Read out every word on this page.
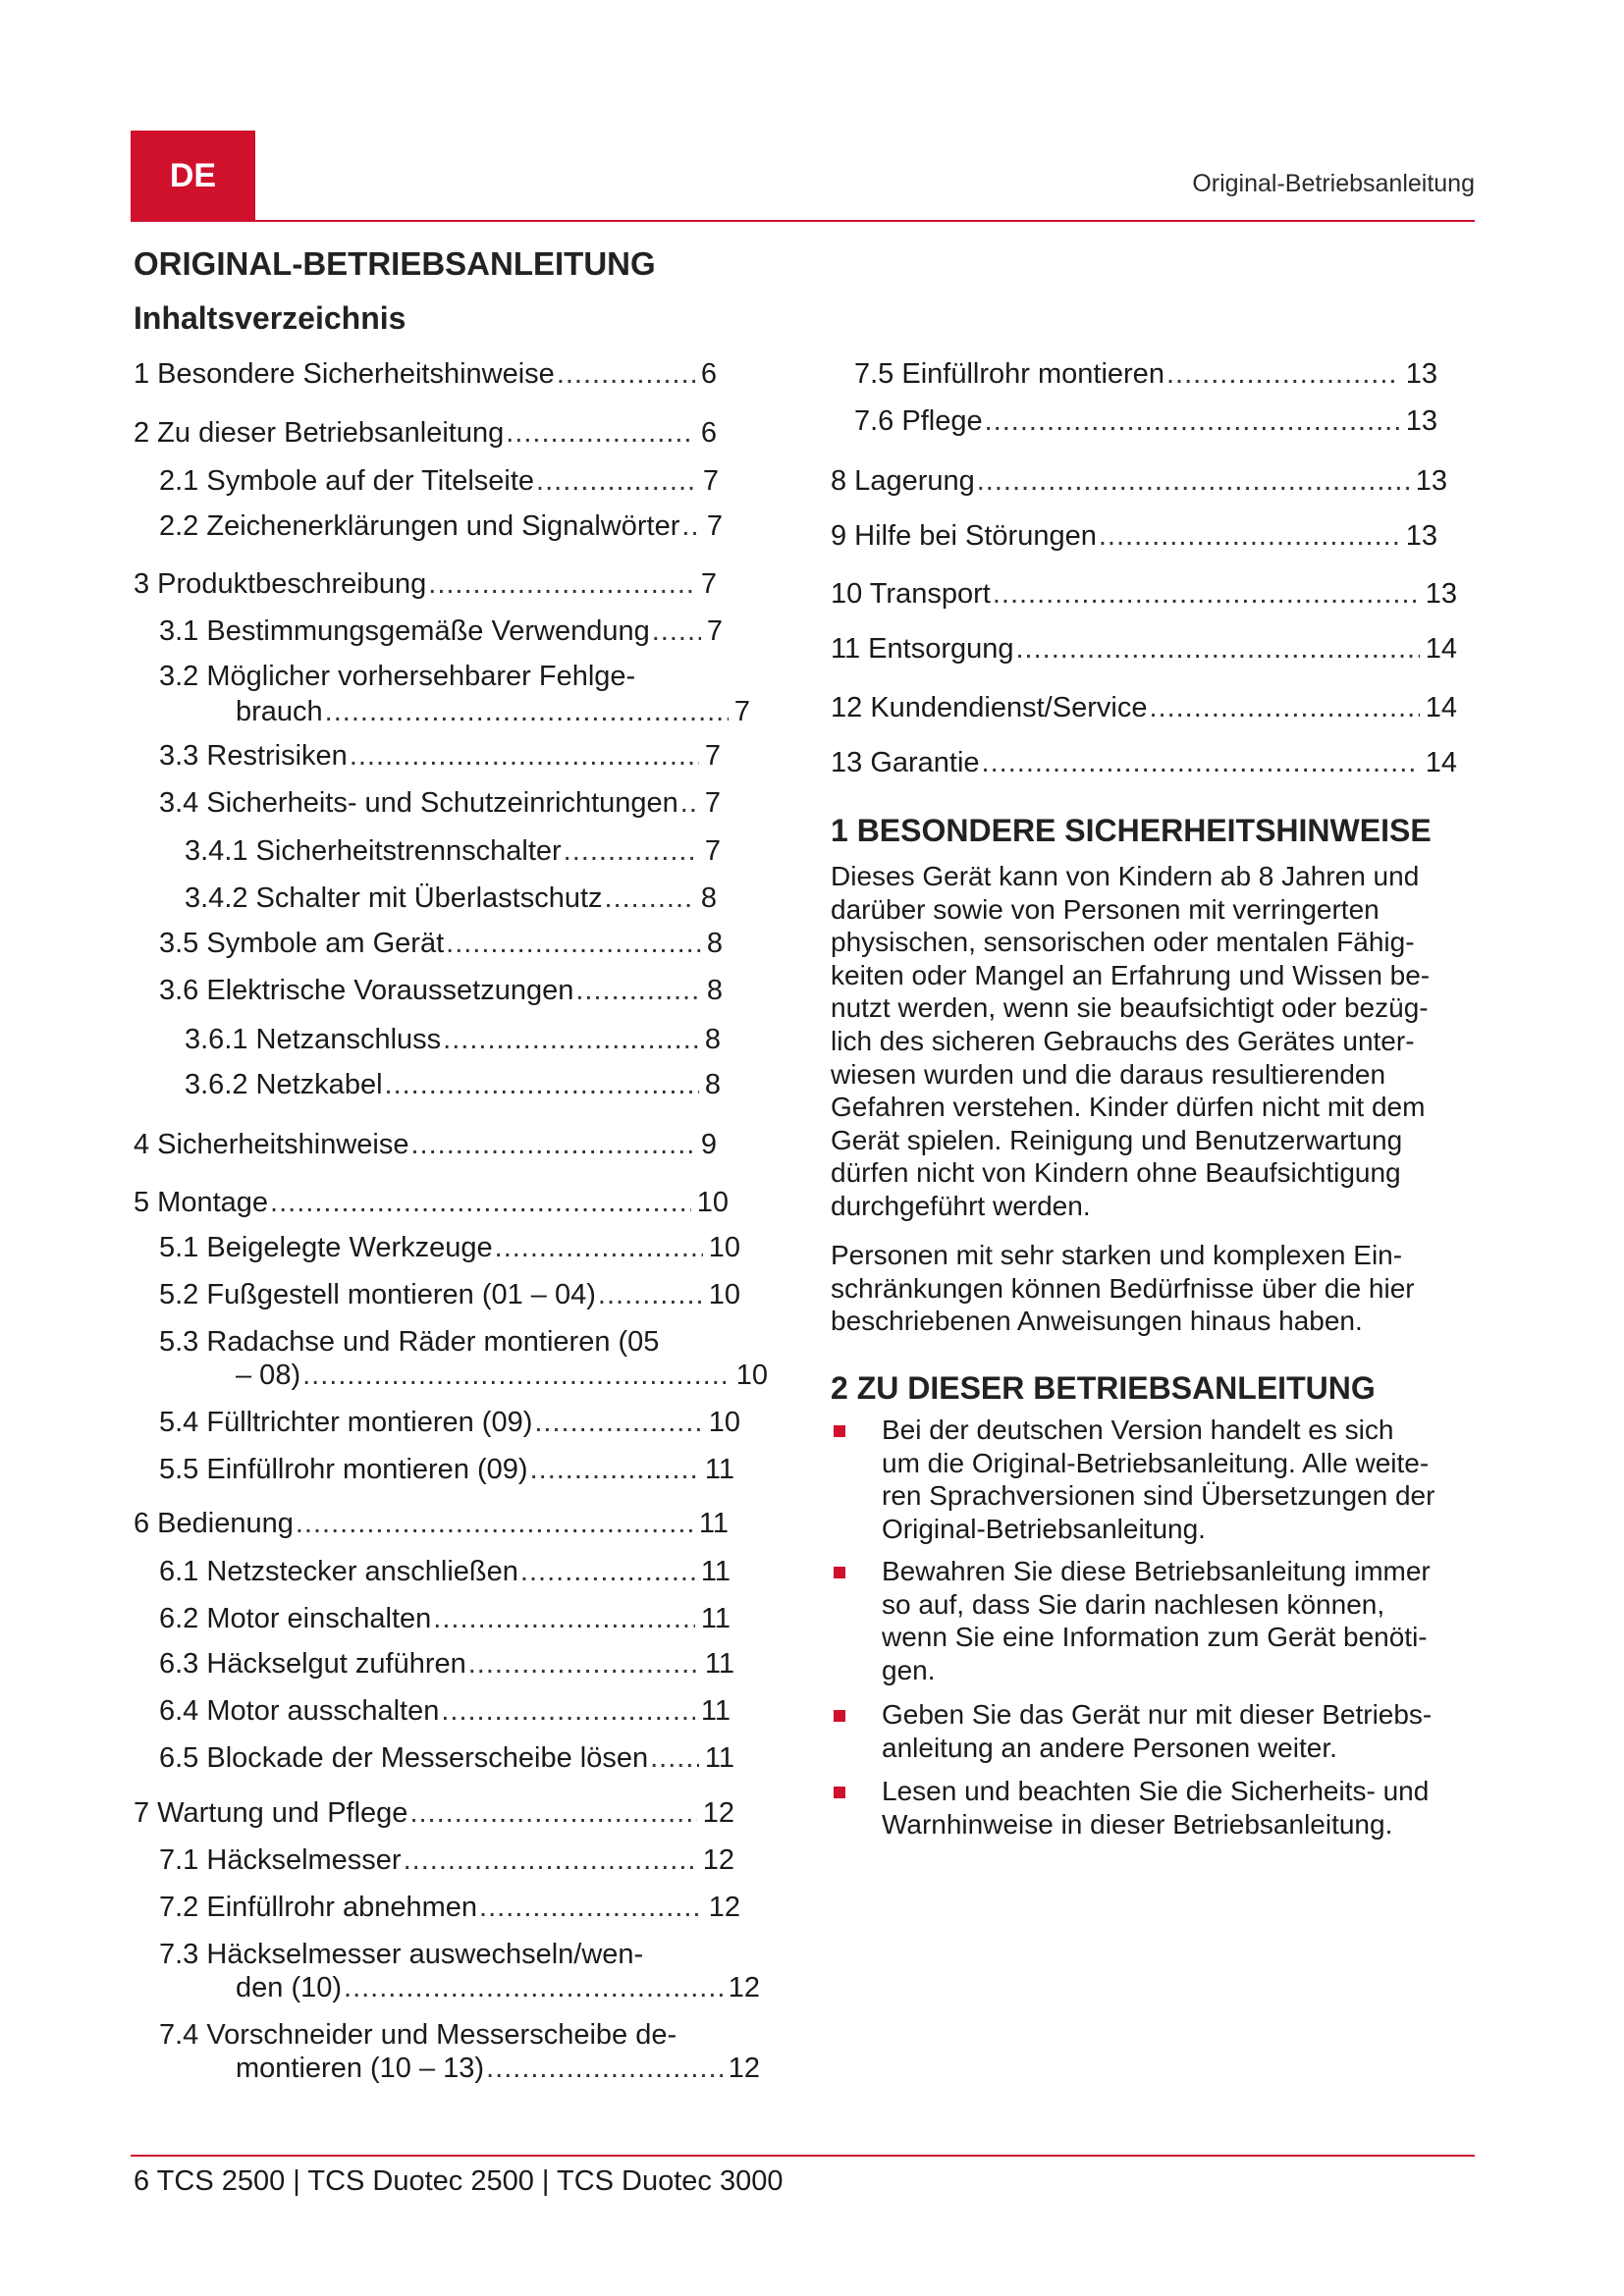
DE	Original-Betriebsanleitung
ORIGINAL-BETRIEBSANLEITUNG
Inhaltsverzeichnis
1 Besondere Sicherheitshinweise .....	6
2 Zu dieser Betriebsanleitung .....	6
2.1 Symbole auf der Titelseite .....	7
2.2 Zeichenerklärungen und Signalwörter ..... 7
3 Produktbeschreibung .....	7
3.1 Bestimmungsgemäße Verwendung ..... 7
3.2 Möglicher vorhersehbarer Fehlge-
brauch .....	7
3.3 Restrisiken .....	7
3.4 Sicherheits- und Schutzeinrichtungen ..... 7
3.4.1 Sicherheitstrennschalter .....	7
3.4.2 Schalter mit Überlastschutz .....	8
3.5 Symbole am Gerät .....	8
3.6 Elektrische Voraussetzungen .....	8
3.6.1 Netzanschluss .....	8
3.6.2 Netzkabel .....	8
4 Sicherheitshinweise .....	9
5 Montage .....	10
5.1 Beigelegte Werkzeuge .....	10
5.2 Fußgestell montieren (01 – 04) .....	10
5.3 Radachse und Räder montieren (05
– 08) .....	10
5.4 Fülltrichter montieren (09) .....	10
5.5 Einfüllrohr montieren (09) .....	11
6 Bedienung .....	11
6.1 Netzstecker anschließen .....	11
6.2 Motor einschalten .....	11
6.3 Häckselgut zuführen .....	11
6.4 Motor ausschalten .....	11
6.5 Blockade der Messerscheibe lösen ..... 11
7 Wartung und Pflege .....	12
7.1 Häckselmesser .....	12
7.2 Einfüllrohr abnehmen .....	12
7.3 Häckselmesser auswechseln/wen-
den (10) .....	12
7.4 Vorschneider und Messerscheibe de-
montieren (10 – 13) .....	12
7.5 Einfüllrohr montieren .....	13
7.6 Pflege .....	13
8 Lagerung .....	13
9 Hilfe bei Störungen .....	13
10 Transport .....	13
11 Entsorgung .....	14
12 Kundendienst/Service .....	14
13 Garantie .....	14
1 BESONDERE SICHERHEITSHINWEISE
Dieses Gerät kann von Kindern ab 8 Jahren und
darüber sowie von Personen mit verringerten
physischen, sensorischen oder mentalen Fähig-
keiten oder Mangel an Erfahrung und Wissen be-
nutzt werden, wenn sie beaufsichtigt oder bezüg-
lich des sicheren Gebrauchs des Gerätes unter-
wiesen wurden und die daraus resultierenden
Gefahren verstehen. Kinder dürfen nicht mit dem
Gerät spielen. Reinigung und Benutzerwartung
dürfen nicht von Kindern ohne Beaufsichtigung
durchgeführt werden.
Personen mit sehr starken und komplexen Ein-
schränkungen können Bedürfnisse über die hier
beschriebenen Anweisungen hinaus haben.
2 ZU DIESER BETRIEBSANLEITUNG
Bei der deutschen Version handelt es sich
um die Original-Betriebsanleitung. Alle weite-
ren Sprachversionen sind Übersetzungen der
Original-Betriebsanleitung.
Bewahren Sie diese Betriebsanleitung immer
so auf, dass Sie darin nachlesen können,
wenn Sie eine Information zum Gerät benöti-
gen.
Geben Sie das Gerät nur mit dieser Betriebs-
anleitung an andere Personen weiter.
Lesen und beachten Sie die Sicherheits- und
Warnhinweise in dieser Betriebsanleitung.
6 TCS 2500 | TCS Duotec 2500 | TCS Duotec 3000
